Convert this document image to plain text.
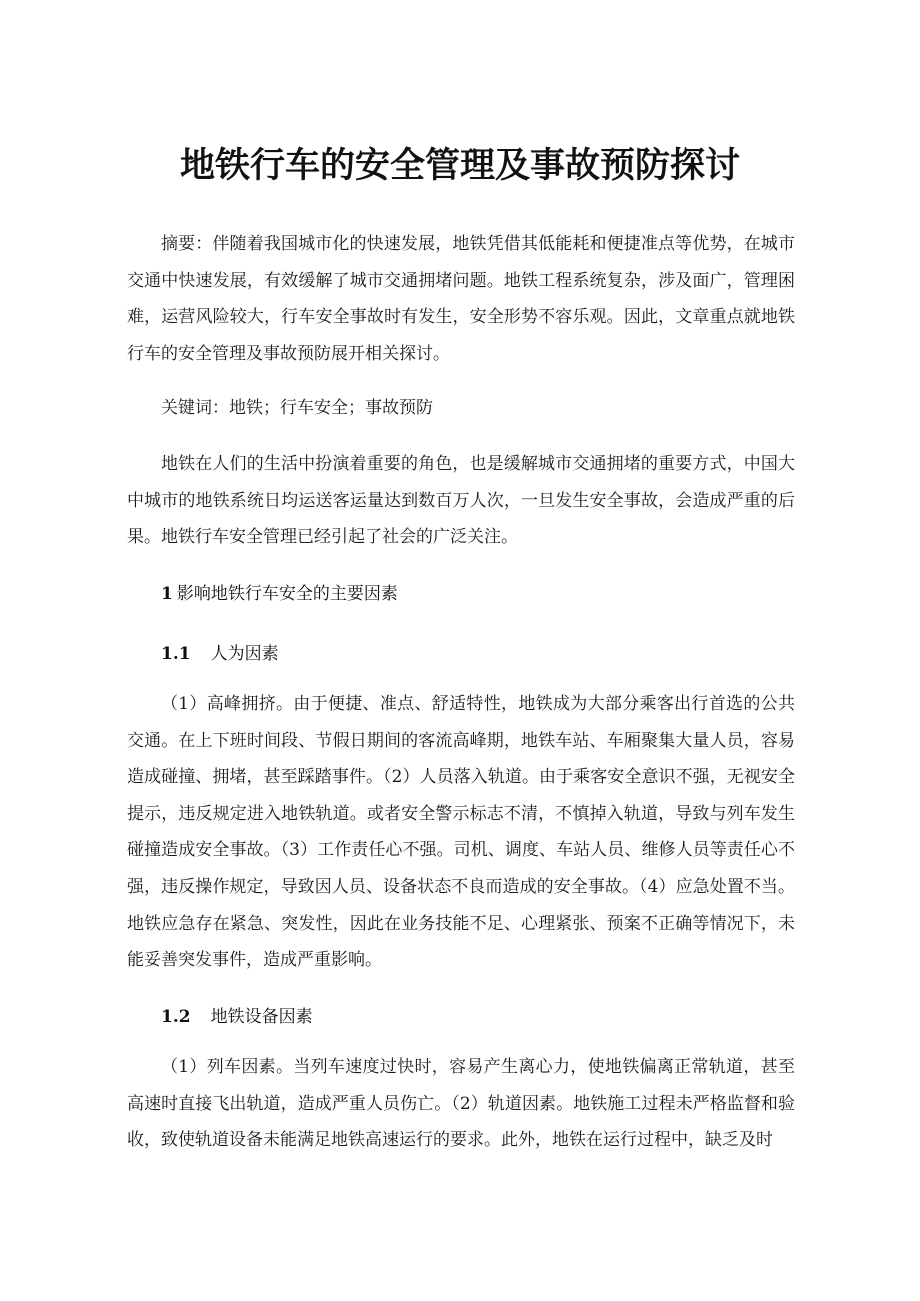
地铁行车的安全管理及事故预防探讨

摘要：伴随着我国城市化的快速发展，地铁凭借其低能耗和便捷准点等优势，在城市交通中快速发展，有效缓解了城市交通拥堵问题。地铁工程系统复杂，涉及面广，管理困难，运营风险较大，行车安全事故时有发生，安全形势不容乐观。因此，文章重点就地铁行车的安全管理及事故预防展开相关探讨。

关键词：地铁；行车安全；事故预防

地铁在人们的生活中扮演着重要的角色，也是缓解城市交通拥堵的重要方式，中国大中城市的地铁系统日均运送客运量达到数百万人次，一旦发生安全事故，会造成严重的后果。地铁行车安全管理已经引起了社会的广泛关注。

1 影响地铁行车安全的主要因素
1.1 人为因素

（1）高峰拥挤。由于便捷、准点、舒适特性，地铁成为大部分乘客出行首选的公共交通。在上下班时间段、节假日期间的客流高峰期，地铁车站、车厢聚集大量人员，容易造成碰撞、拥堵，甚至踩踏事件。（2）人员落入轨道。由于乘客安全意识不强，无视安全提示，违反规定进入地铁轨道。或者安全警示标志不清，不慎掉入轨道，导致与列车发生碰撞造成安全事故。（3）工作责任心不强。司机、调度、车站人员、维修人员等责任心不强，违反操作规定，导致因人员、设备状态不良而造成的安全事故。（4）应急处置不当。地铁应急存在紧急、突发性，因此在业务技能不足、心理紧张、预案不正确等情况下，未能妥善突发事件，造成严重影响。

1.2 地铁设备因素

（1）列车因素。当列车速度过快时，容易产生离心力，使地铁偏离正常轨道，甚至高速时直接飞出轨道，造成严重人员伤亡。（2）轨道因素。地铁施工过程未严格监督和验收，致使轨道设备未能满足地铁高速运行的要求。此外，地铁在运行过程中，缺乏及时
